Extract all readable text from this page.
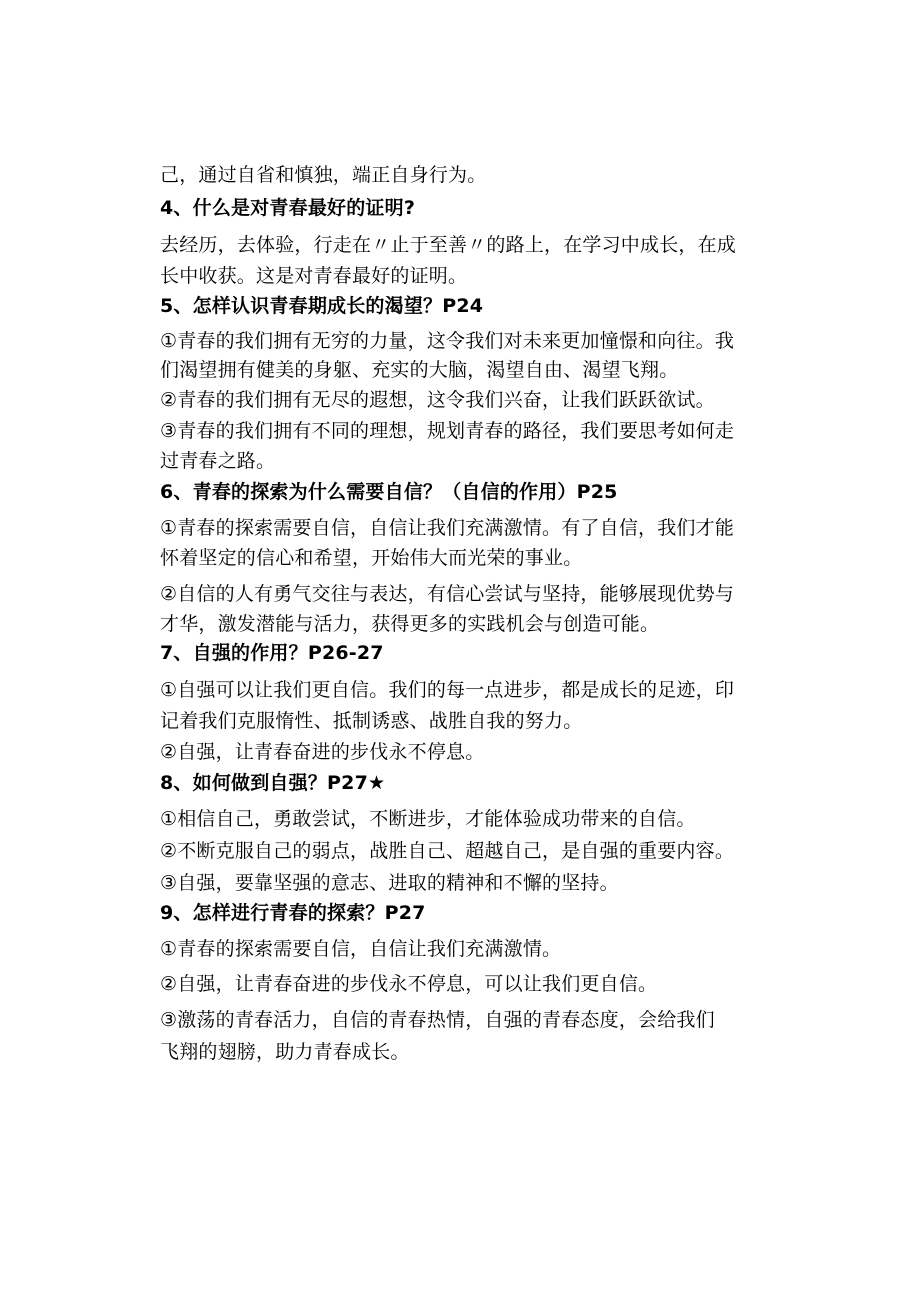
己，通过自省和慎独，端正自身行为。
4、什么是对青春最好的证明?
去经历，去体验，行走在〃止于至善〃的路上，在学习中成长，在成
长中收获。这是对青春最好的证明。
5、怎样认识青春期成长的渴望？P24
①青春的我们拥有无穷的力量，这令我们对未来更加憧憬和向往。我
们渴望拥有健美的身躯、充实的大脑，渴望自由、渴望飞翔。
②青春的我们拥有无尽的遐想，这令我们兴奋，让我们跃跃欲试。
③青春的我们拥有不同的理想，规划青春的路径，我们要思考如何走
过青春之路。
6、青春的探索为什么需要自信？（自信的作用）P25
①青春的探索需要自信，自信让我们充满激情。有了自信，我们才能
怀着坚定的信心和希望，开始伟大而光荣的事业。
②自信的人有勇气交往与表达，有信心尝试与坚持，能够展现优势与
才华，激发潜能与活力，获得更多的实践机会与创造可能。
7、自强的作用？P26-27
①自强可以让我们更自信。我们的每一点进步，都是成长的足迹，印
记着我们克服惰性、抵制诱惑、战胜自我的努力。
②自强，让青春奋进的步伐永不停息。
8、如何做到自强？P27★
①相信自己，勇敢尝试，不断进步，才能体验成功带来的自信。
②不断克服自己的弱点，战胜自己、超越自己，是自强的重要内容。
③自强，要靠坚强的意志、进取的精神和不懈的坚持。
9、怎样进行青春的探索？P27
①青春的探索需要自信，自信让我们充满激情。
②自强，让青春奋进的步伐永不停息，可以让我们更自信。
③激荡的青春活力，自信的青春热情，自强的青春态度，会给我们
飞翔的翅膀，助力青春成长。
